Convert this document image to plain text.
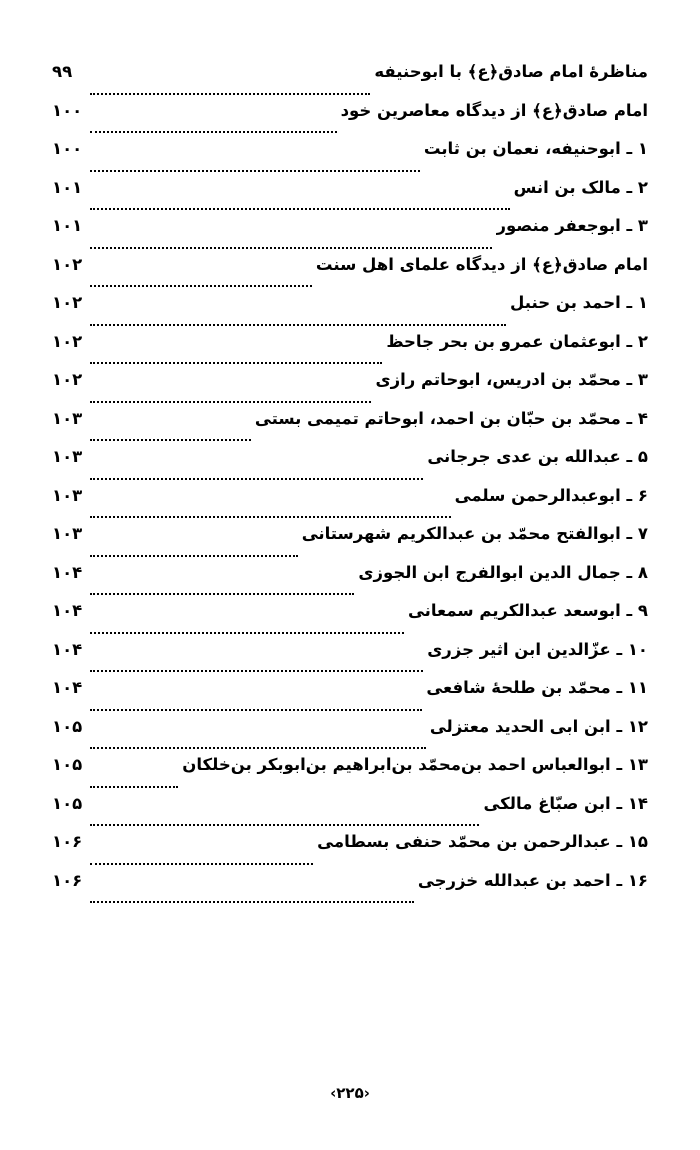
مناظرهٔ امام صادق﴿ع﴾ با ابوحنیفه
۹۹
امام صادق﴿ع﴾ از دیدگاه معاصرین خود
۱۰۰
۱ ـ ابوحنیفه، نعمان بن ثابت
۱۰۰
۲ ـ مالک بن انس
۱۰۱
۳ ـ ابوجعفر منصور
۱۰۱
امام صادق﴿ع﴾ از دیدگاه علمای اهل سنت
۱۰۲
۱ ـ احمد بن حنبل
۱۰۲
۲ ـ ابوعثمان عمرو بن بحر جاحظ
۱۰۲
۳ ـ محمّد بن ادریس، ابوحاتم رازی
۱۰۲
۴ ـ محمّد بن حبّان بن احمد، ابوحاتم تمیمی بستی
۱۰۳
۵ ـ عبدالله بن عدی جرجانی
۱۰۳
۶ ـ ابوعبدالرحمن سلمی
۱۰۳
۷ ـ ابوالفتح محمّد بن عبدالکریم شهرستانی
۱۰۳
۸ ـ جمال الدین ابوالفرج ابن الجوزی
۱۰۴
۹ ـ ابوسعد عبدالکریم سمعانی
۱۰۴
۱۰ ـ عزّالدین ابن اثیر جزری
۱۰۴
۱۱ ـ محمّد بن طلحهٔ شافعی
۱۰۴
۱۲ ـ ابن ابی الحدید معتزلی
۱۰۵
۱۳ ـ ابوالعباس احمد بن‌محمّد بن‌ابراهیم بن‌ابوبکر بن‌خلکان
۱۰۵
۱۴ ـ ابن صبّاغ مالکی
۱۰۵
۱۵ ـ عبدالرحمن بن محمّد حنفی بسطامی
۱۰۶
۱۶ ـ احمد بن عبدالله خزرجی
۱۰۶
‹۲۲۵›
